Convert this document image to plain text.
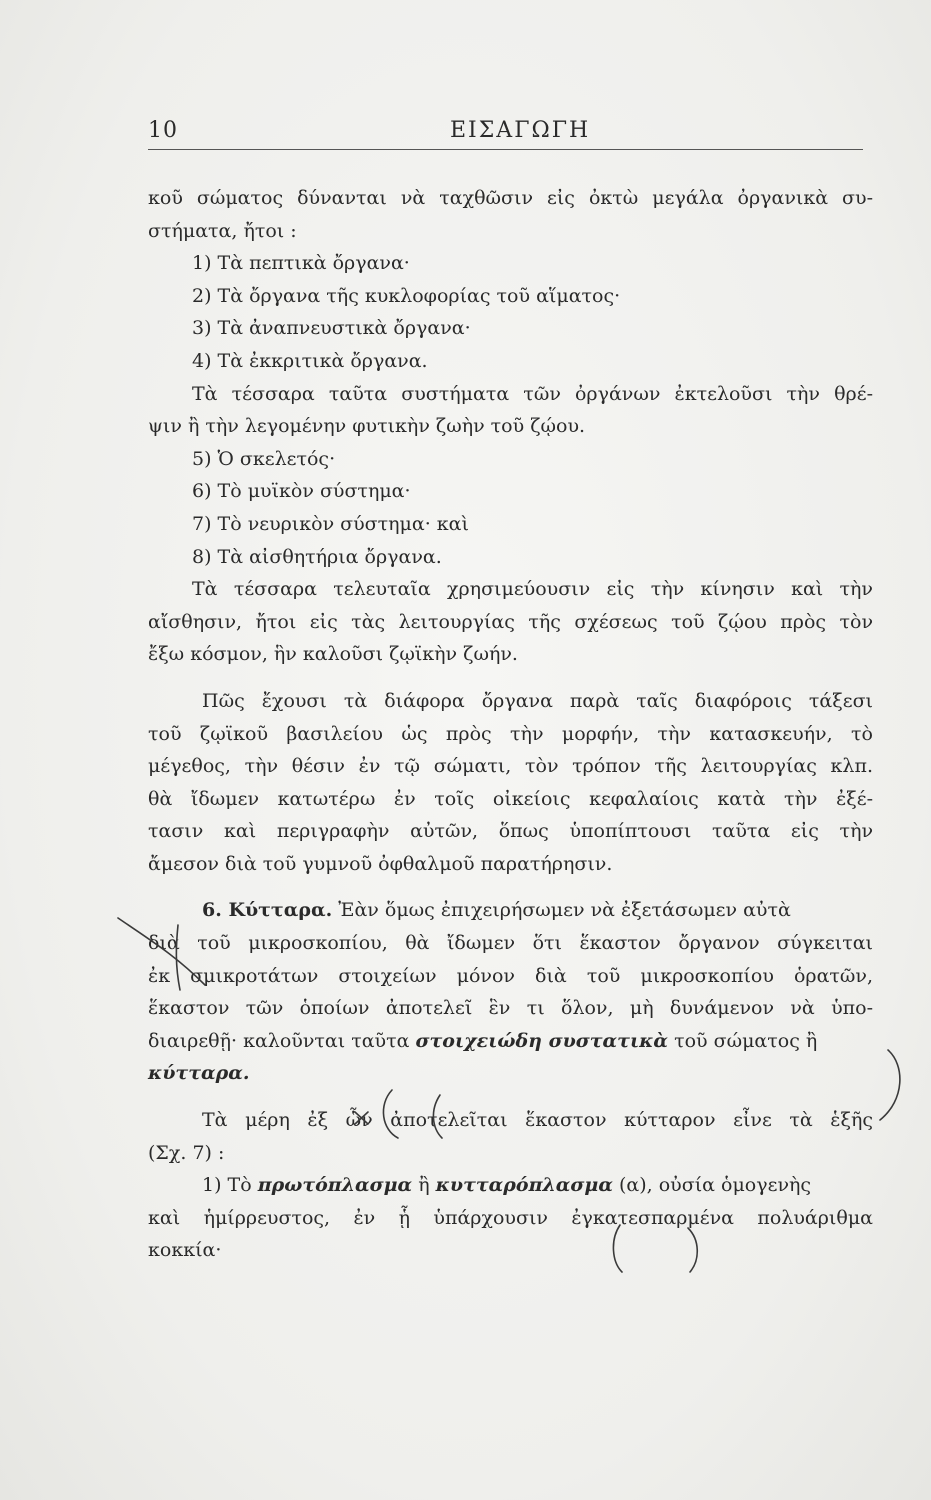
10	ΕΙΣΑΓΩΓΗ
κοῦ σώματος δύνανται νὰ ταχθῶσιν εἰς ὀκτὼ μεγάλα ὀργανικὰ συ-
στήματα, ἤτοι :
1) Τὰ πεπτικὰ ὄργανα·
2) Τὰ ὄργανα τῆς κυκλοφορίας τοῦ αἵματος·
3) Τὰ ἀναπνευστικὰ ὄργανα·
4) Τὰ ἐκκριτικὰ ὄργανα.
Τὰ τέσσαρα ταῦτα συστήματα τῶν ὀργάνων ἐκτελοῦσι τὴν θρέ-
ψιν ἢ τὴν λεγομένην φυτικὴν ζωὴν τοῦ ζῴου.
5) Ὁ σκελετός·
6) Τὸ μυϊκὸν σύστημα·
7) Τὸ νευρικὸν σύστημα· καὶ
8) Τὰ αἰσθητήρια ὄργανα.
Τὰ τέσσαρα τελευταῖα χρησιμεύουσιν εἰς τὴν κίνησιν καὶ τὴν
αἴσθησιν, ἤτοι εἰς τὰς λειτουργίας τῆς σχέσεως τοῦ ζῴου πρὸς τὸν
ἔξω κόσμον, ἣν καλοῦσι ζῳϊκὴν ζωήν.
Πῶς ἔχουσι τὰ διάφορα ὄργανα παρὰ ταῖς διαφόροις τάξεσι
τοῦ ζῳϊκοῦ βασιλείου ὡς πρὸς τὴν μορφήν, τὴν κατασκευήν, τὸ
μέγεθος, τὴν θέσιν ἐν τῷ σώματι, τὸν τρόπον τῆς λειτουργίας κλπ.
θὰ ἴδωμεν κατωτέρω ἐν τοῖς οἰκείοις κεφαλαίοις κατὰ τὴν ἐξέ-
τασιν καὶ περιγραφὴν αὐτῶν, ὅπως ὑποπίπτουσι ταῦτα εἰς τὴν
ἄμεσον διὰ τοῦ γυμνοῦ ὀφθαλμοῦ παρατήρησιν.
6. Κύτταρα. Ἐὰν ὅμως ἐπιχειρήσωμεν νὰ ἐξετάσωμεν αὐτὰ
διὰ τοῦ μικροσκοπίου, θὰ ἴδωμεν ὅτι ἕκαστον ὄργανον σύγκειται
ἐκ σμικροτάτων στοιχείων μόνον διὰ τοῦ μικροσκοπίου ὁρατῶν,
ἕκαστον τῶν ὁποίων ἀποτελεῖ ἓν τι ὅλον, μὴ δυνάμενον νὰ ὑπο-
διαιρεθῇ· καλοῦνται ταῦτα στοιχειώδη συστατικὰ τοῦ σώματος ἢ
κύτταρα.
Τὰ μέρη ἐξ ὧν ἀποτελεῖται ἕκαστον κύτταρον εἶνε τὰ ἑξῆς
(Σχ. 7) :
1) Τὸ πρωτόπλασμα ἢ κυτταρόπλασμα (α), οὐσία ὁμογενὴς
καὶ ἡμίρρευστος, ἐν ᾗ ὑπάρχουσιν ἐγκατεσπαρμένα πολυάριθμα
κοκκία·
